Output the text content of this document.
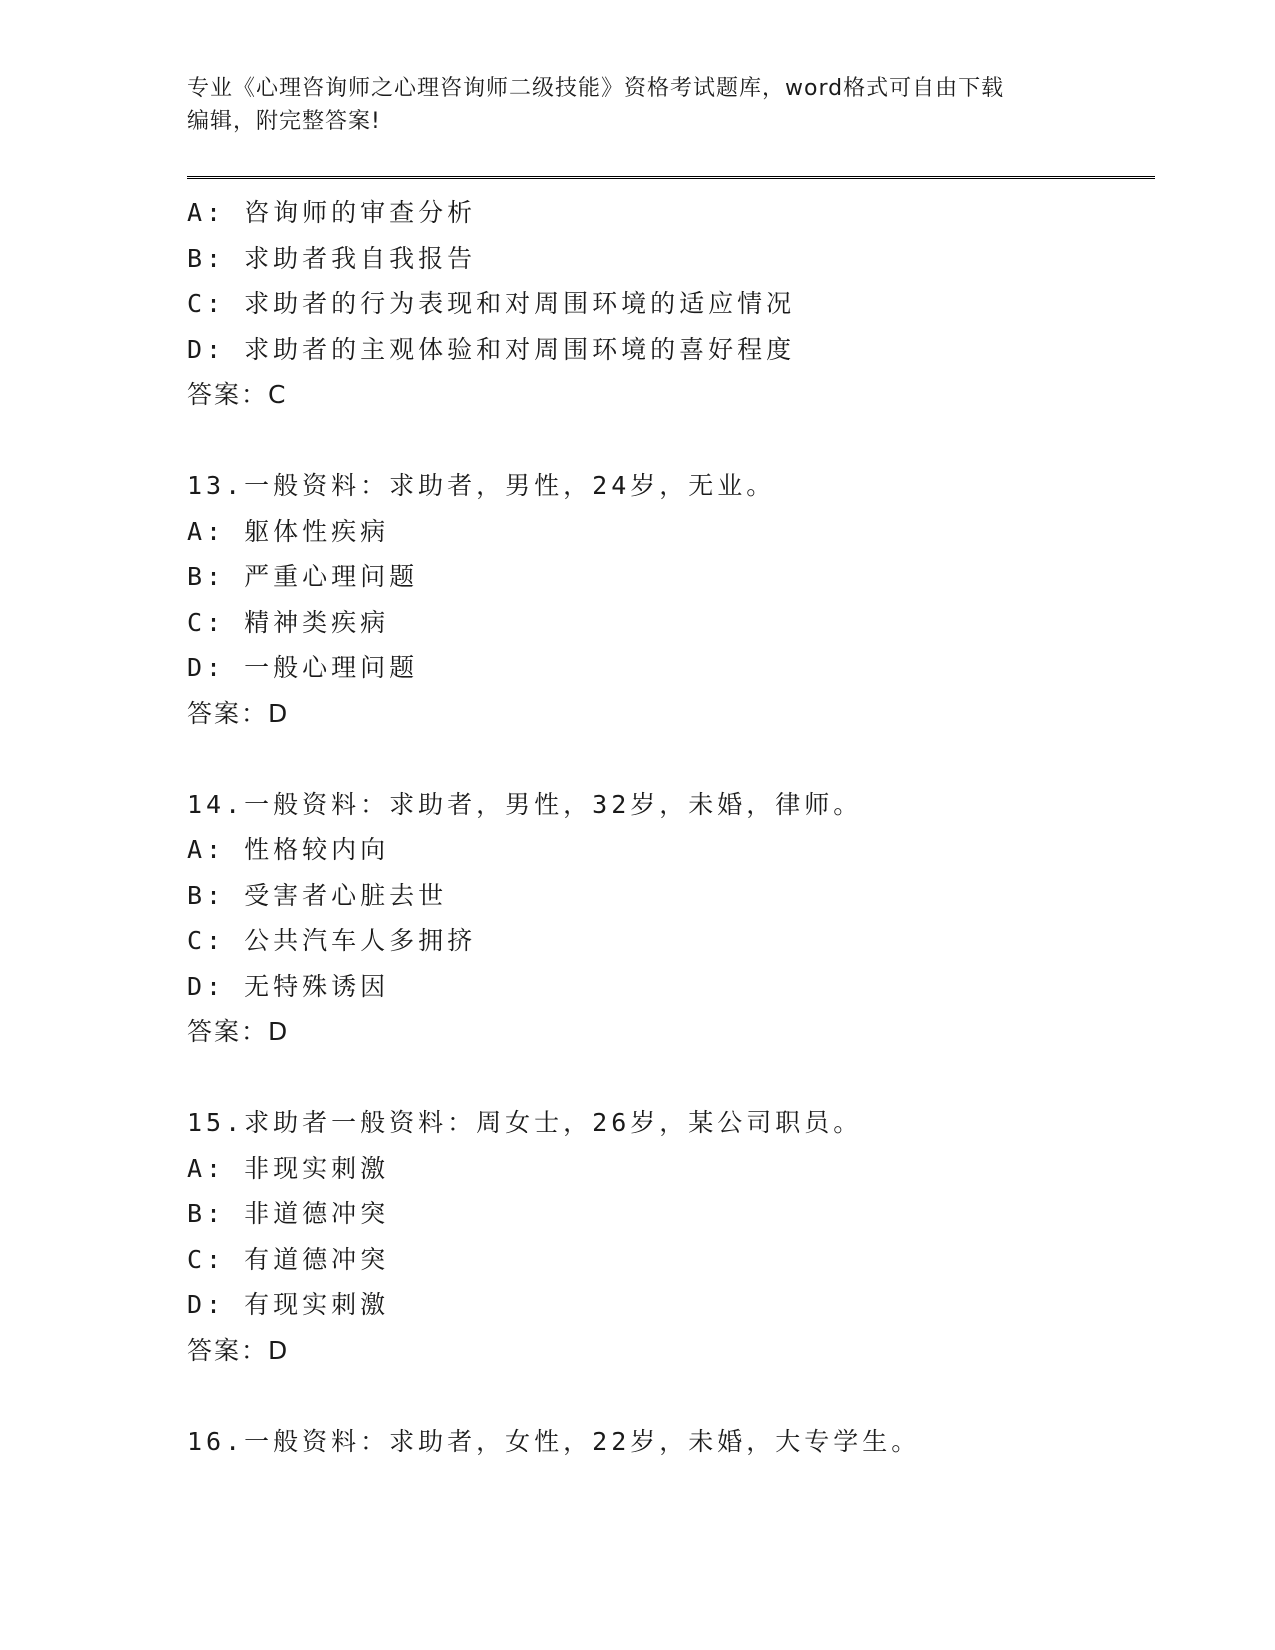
专业《心理咨询师之心理咨询师二级技能》资格考试题库，word格式可自由下载
编辑，附完整答案!
A: 咨询师的审查分析
B: 求助者我自我报告
C: 求助者的行为表现和对周围环境的适应情况
D: 求助者的主观体验和对周围环境的喜好程度
答案：C
13.一般资料：求助者，男性，24岁，无业。
A: 躯体性疾病
B: 严重心理问题
C: 精神类疾病
D: 一般心理问题
答案：D
14.一般资料：求助者，男性，32岁，未婚，律师。
A: 性格较内向
B: 受害者心脏去世
C: 公共汽车人多拥挤
D: 无特殊诱因
答案：D
15.求助者一般资料：周女士，26岁，某公司职员。
A: 非现实刺激
B: 非道德冲突
C: 有道德冲突
D: 有现实刺激
答案：D
16.一般资料：求助者，女性，22岁，未婚，大专学生。
